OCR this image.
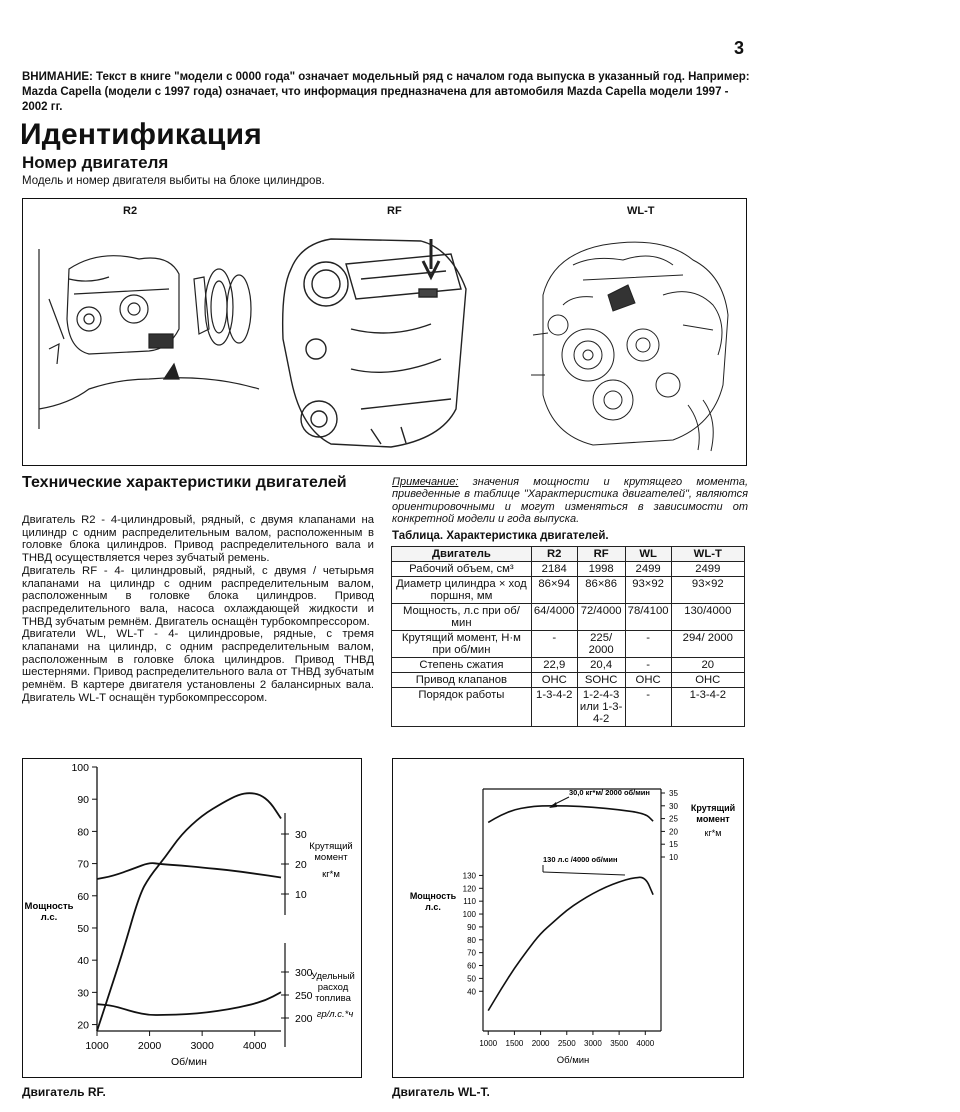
3
ВНИМАНИЕ: Текст в книге "модели с 0000 года" означает модельный ряд с началом года выпуска в указанный год. Например: Mazda Capella (модели с 1997 года) означает, что информация предназначена для автомобиля Mazda Capella модели 1997 - 2002 гг.
Идентификация
Номер двигателя
Модель и номер двигателя выбиты на блоке цилиндров.
R2	RF	WL-T
Технические характеристики двигателей

Двигатель R2 - 4-цилиндровый, рядный, с двумя клапанами на цилиндр с одним распределительным валом, расположенным в головке блока цилиндров. Привод распределительного вала и ТНВД осуществляется через зубчатый ремень.

Двигатель RF - 4- цилиндровый, рядный, с двумя / четырьмя клапанами на цилиндр с одним распределительным валом, расположенным в головке блока цилиндров. Привод распределительного вала, насоса охлаждающей жидкости и ТНВД зубчатым ремнём. Двигатель оснащён турбокомпрессором.

Двигатели WL, WL-T - 4- цилиндровые, рядные, с тремя клапанами на цилиндр, с одним распределительным валом, расположенным в головке блока цилиндров. Привод ТНВД шестернями. Привод распределительного вала от ТНВД зубчатым ремнём. В картере двигателя установлены 2 балансирных вала. Двигатель WL-T оснащён турбокомпрессором.

Примечание: значения мощности и крутящего момента, приведенные в таблице "Характеристика двигателей", являются ориентировочными и могут изменяться в зависимости от конкретной модели и года выпуска.
Таблица. Характеристика двигателей.
Двигатель	R2	RF	WL	WL-T
Рабочий объем, см³	2184	1998	2499	2499
Диаметр цилиндра × ход поршня, мм	86×94	86×86	93×92	93×92
Мощность, л.с при об/мин	64/4000	72/4000	78/4100	130/4000
Крутящий момент, Н·м при об/мин	-	225/ 2000	-	294/ 2000
Степень сжатия	22,9	20,4	-	20
Привод клапанов	OHC	SOHC	OHC	OHC
Порядок работы	1-3-4-2	1-2-4-3 или 1-3-4-2	-	1-3-4-2
20
30
40
50
60
70
80
90
100
1000	2000	3000	4000
10
20
30
200
250
300
Мощность
л.с.
Крутящий
момент
кг*м
Удельный
расход
топлива
гр/л.с.*ч
Об/мин
Двигатель RF.
40
50
60
70
80
90
100
110
120
130
10
15
20
25
30
35
1000 1500 2000 2500 3000 3500 4000
Мощность
л.с.
Крутящий
момент
кг*м
Об/мин
30,0 кг*м/ 2000 об/мин
130 л.с /4000 об/мин
Двигатель WL-T.
